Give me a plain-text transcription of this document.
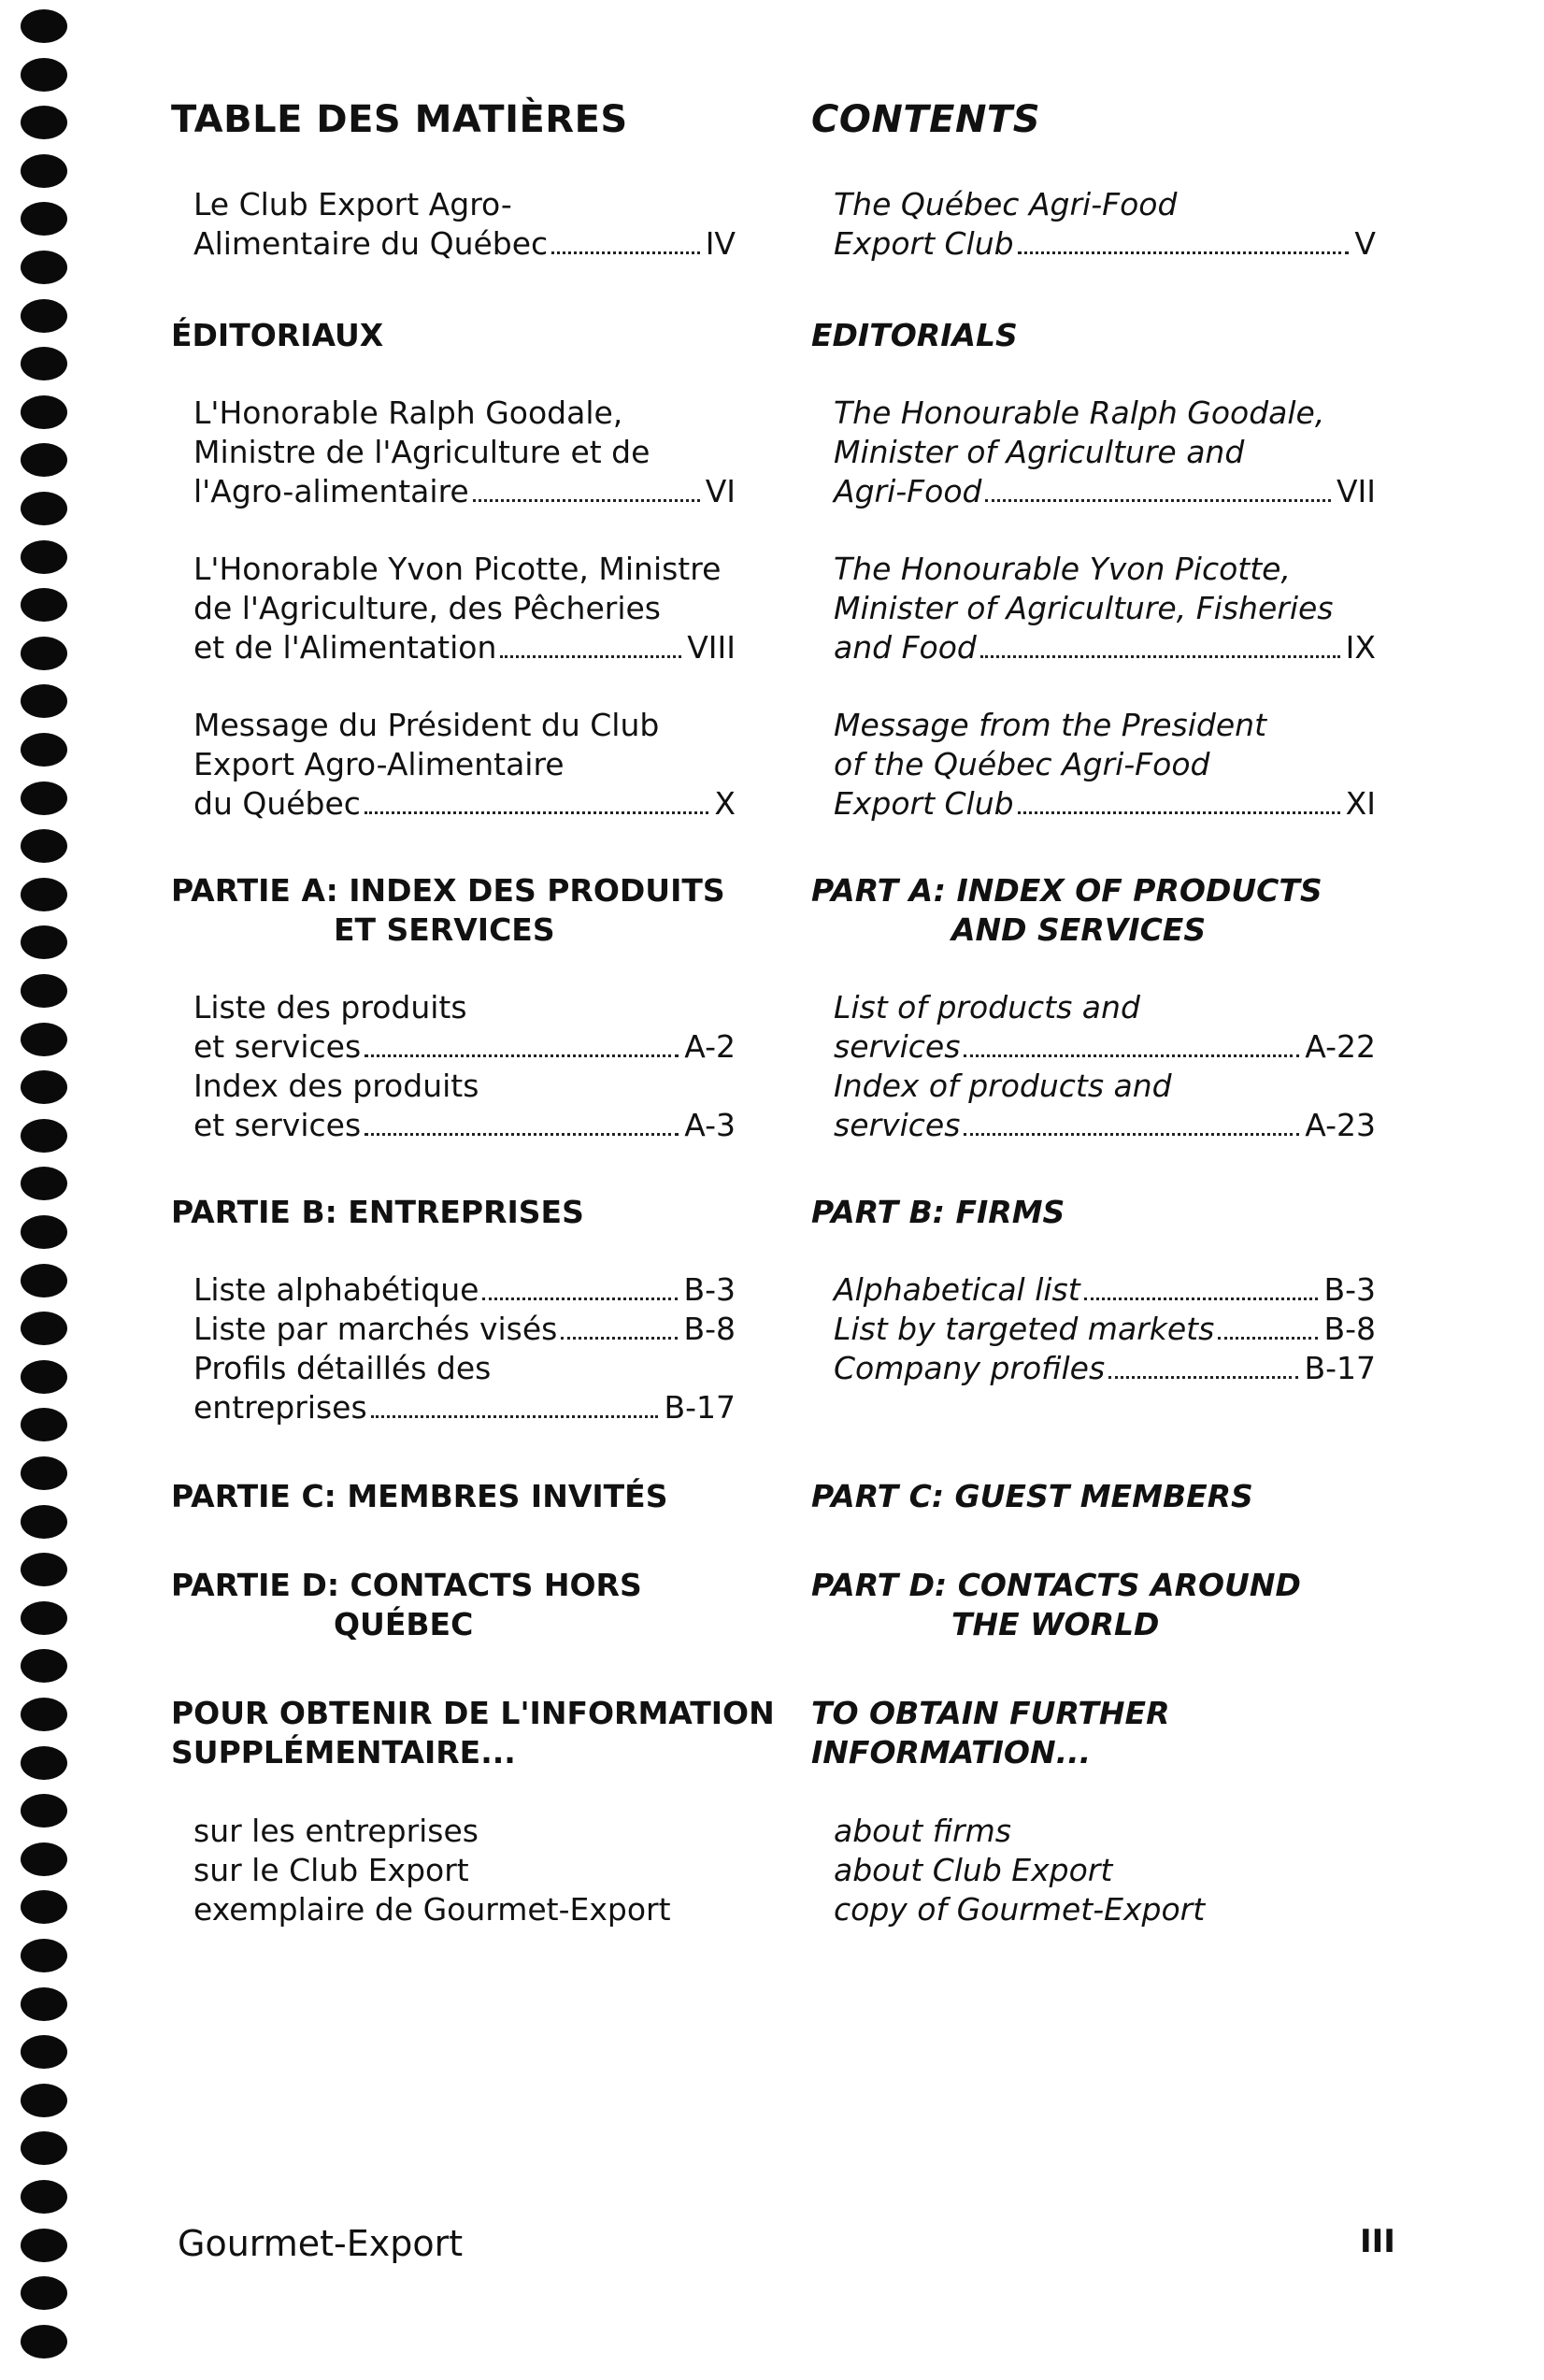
TABLE DES MATIÈRES
Le Club Export Agro-
Alimentaire du Québec	IV
ÉDITORIAUX
L'Honorable Ralph Goodale,
Ministre de l'Agriculture et de
l'Agro-alimentaire	VI
L'Honorable Yvon Picotte, Ministre
de l'Agriculture, des Pêcheries
et de l'Alimentation	VIII
Message du Président du Club
Export Agro-Alimentaire
du Québec	X
PARTIE A: INDEX DES PRODUITS
ET SERVICES
Liste des produits
et services	A-2
Index des produits
et services	A-3
PARTIE B: ENTREPRISES
Liste alphabétique	B-3
Liste par marchés visés	B-8
Profils détaillés des
entreprises	B-17
PARTIE C: MEMBRES INVITÉS
PARTIE D: CONTACTS HORS
QUÉBEC
POUR OBTENIR DE L'INFORMATION
SUPPLÉMENTAIRE...
sur les entreprises
sur le Club Export
exemplaire de Gourmet-Export
CONTENTS
The Québec Agri-Food
Export Club	V
EDITORIALS
The Honourable Ralph Goodale,
Minister of Agriculture and
Agri-Food	VII
The Honourable Yvon Picotte,
Minister of Agriculture, Fisheries
and Food	IX
Message from the President
of the Québec Agri-Food
Export Club	XI
PART A: INDEX OF PRODUCTS
AND SERVICES
List of products and
services	A-22
Index of products and
services	A-23
PART B: FIRMS
Alphabetical list	B-3
List by targeted markets	B-8
Company profiles	B-17
PART C: GUEST MEMBERS
PART D: CONTACTS AROUND
THE WORLD
TO OBTAIN FURTHER
INFORMATION...
about firms
about Club Export
copy of Gourmet-Export
Gourmet-Export	III
